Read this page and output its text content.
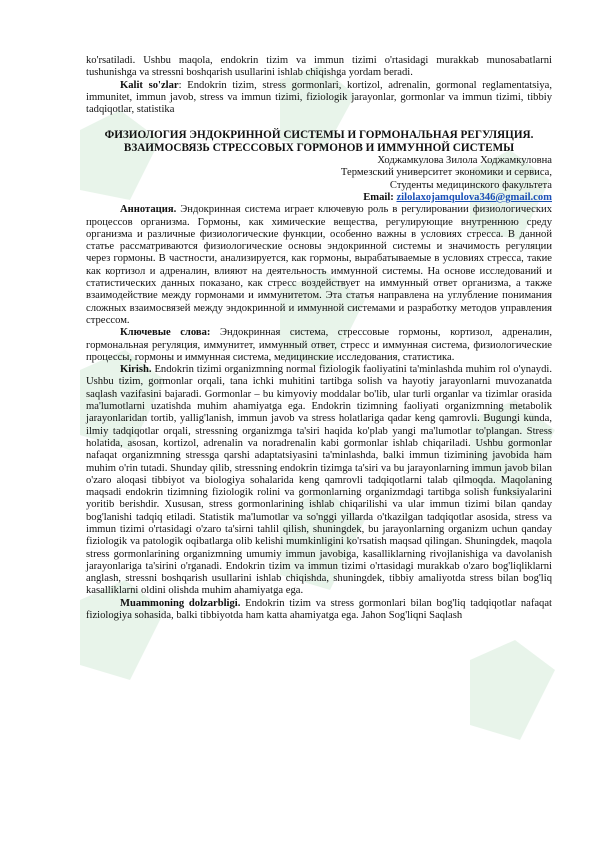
ko'rsatiladi. Ushbu maqola, endokrin tizim va immun tizimi o'rtasidagi murakkab munosabatlarni tushunishga va stressni boshqarish usullarini ishlab chiqishga yordam beradi.

Kalit so'zlar: Endokrin tizim, stress gormonlari, kortizol, adrenalin, gormonal reglamentatsiya, immunitet, immun javob, stress va immun tizimi, fiziologik jarayonlar, gormonlar va immun tizimi, tibbiy tadqiqotlar, statistika

ФИЗИОЛОГИЯ ЭНДОКРИННОЙ СИСТЕМЫ И ГОРМОНАЛЬНАЯ РЕГУЛЯЦИЯ. ВЗАИМОСВЯЗЬ СТРЕССОВЫХ ГОРМОНОВ И ИММУННОЙ СИСТЕМЫ

Ходжамкулова Зилола Ходжамкуловна

Термезский университет экономики и сервиса,

Студенты медицинского факультета

Email: zilolaxojamqulova346@gmail.com

Аннотация. Эндокринная система играет ключевую роль в регулировании физиологических процессов организма. Гормоны, как химические вещества, регулирующие внутреннюю среду организма и различные физиологические функции, особенно важны в условиях стресса. В данной статье рассматриваются физиологические основы эндокринной системы и значимость регуляции через гормоны. В частности, анализируется, как гормоны, вырабатываемые в условиях стресса, такие как кортизол и адреналин, влияют на деятельность иммунной системы. На основе исследований и статистических данных показано, как стресс воздействует на иммунный ответ организма, а также взаимодействие между гормонами и иммунитетом. Эта статья направлена на углубление понимания сложных взаимосвязей между эндокринной и иммунной системами и разработку методов управления стрессом.

Ключевые слова: Эндокринная система, стрессовые гормоны, кортизол, адреналин, гормональная регуляция, иммунитет, иммунный ответ, стресс и иммунная система, физиологические процессы, гормоны и иммунная система, медицинские исследования, статистика.

Kirish. Endokrin tizimi organizmning normal fiziologik faoliyatini ta'minlashda muhim rol o'ynaydi. Ushbu tizim, gormonlar orqali, tana ichki muhitini tartibga solish va hayotiy jarayonlarni muvozanatda saqlash vazifasini bajaradi. Gormonlar – bu kimyoviy moddalar bo'lib, ular turli organlar va tizimlar orasida ma'lumotlarni uzatishda muhim ahamiyatga ega. Endokrin tizimning faoliyati organizmning metabolik jarayonlaridan tortib, yallig'lanish, immun javob va stress holatlariga qadar keng qamrovli. Bugungi kunda, ilmiy tadqiqotlar orqali, stressning organizmga ta'siri haqida ko'plab yangi ma'lumotlar to'plangan. Stress holatida, asosan, kortizol, adrenalin va noradrenalin kabi gormonlar ishlab chiqariladi. Ushbu gormonlar nafaqat organizmning stressga qarshi adaptatsiyasini ta'minlashda, balki immun tizimining javobida ham muhim o'rin tutadi. Shunday qilib, stressning endokrin tizimga ta'siri va bu jarayonlarning immun javob bilan o'zaro aloqasi tibbiyot va biologiya sohalarida keng qamrovli tadqiqotlarni talab qilmoqda. Maqolaning maqsadi endokrin tizimning fiziologik rolini va gormonlarning organizmdagi tartibga solish funksiyalarini yoritib berishdir. Xususan, stress gormonlarining ishlab chiqarilishi va ular immun tizimi bilan qanday bog'lanishi tadqiq etiladi. Statistik ma'lumotlar va so'nggi yillarda o'tkazilgan tadqiqotlar asosida, stress va immun tizimi o'rtasidagi o'zaro ta'sirni tahlil qilish, shuningdek, bu jarayonlarning organizm uchun qanday fiziologik va patologik oqibatlarga olib kelishi mumkinligini ko'rsatish maqsad qilingan. Shuningdek, maqola stress gormonlarining organizmning umumiy immun javobiga, kasalliklarning rivojlanishiga va davolanish jarayonlariga ta'sirini o'rganadi. Endokrin tizim va immun tizimi o'rtasidagi murakkab o'zaro bog'liqliklarni anglash, stressni boshqarish usullarini ishlab chiqishda, shuningdek, tibbiy amaliyotda stress bilan bog'liq kasalliklarni oldini olishda muhim ahamiyatga ega.

Muammoning dolzarbligi. Endokrin tizim va stress gormonlari bilan bog'liq tadqiqotlar nafaqat fiziologiya sohasida, balki tibbiyotda ham katta ahamiyatga ega. Jahon Sog'liqni Saqlash
